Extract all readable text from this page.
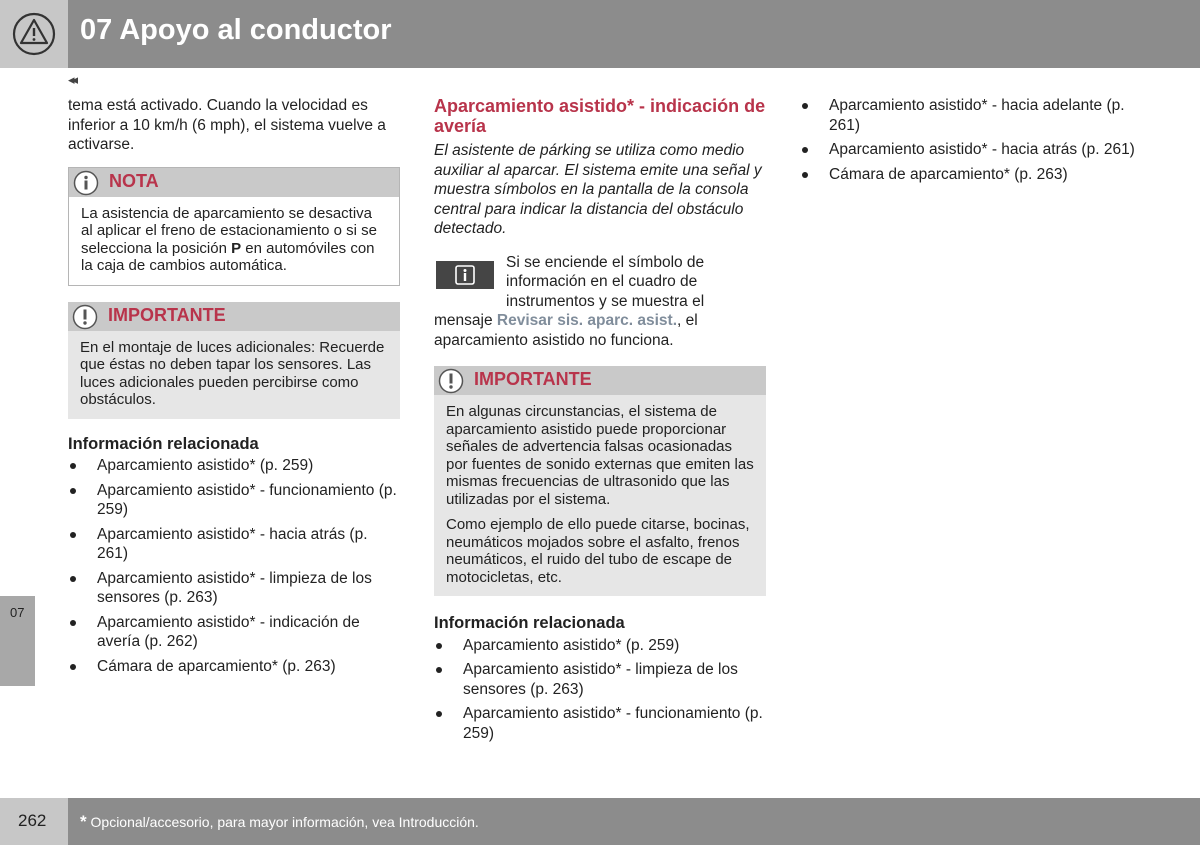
07 Apoyo al conductor
◂◂

tema está activado. Cuando la velocidad es inferior a 10 km/h (6 mph), el sistema vuelve a activarse.

NOTA
La asistencia de aparcamiento se desactiva al aplicar el freno de estacionamiento o si se selecciona la posición P en automóviles con la caja de cambios automática.
IMPORTANTE
En el montaje de luces adicionales: Recuerde que éstas no deben tapar los sensores. Las luces adicionales pueden percibirse como obstáculos.
Información relacionada
Aparcamiento asistido* (p. 259)
Aparcamiento asistido* - funcionamiento (p. 259)
Aparcamiento asistido* - hacia atrás (p. 261)
Aparcamiento asistido* - limpieza de los sensores (p. 263)
Aparcamiento asistido* - indicación de avería (p. 262)
Cámara de aparcamiento* (p. 263)
Aparcamiento asistido* - indicación de avería

El asistente de párking se utiliza como medio auxiliar al aparcar. El sistema emite una señal y muestra símbolos en la pantalla de la consola central para indicar la distancia del obstáculo detectado.

Si se enciende el símbolo de información en el cuadro de instrumentos y se muestra el mensaje Revisar sis. aparc. asist., el aparcamiento asistido no funciona.
IMPORTANTE

En algunas circunstancias, el sistema de aparcamiento asistido puede proporcionar señales de advertencia falsas ocasionadas por fuentes de sonido externas que emiten las mismas frecuencias de ultrasonido que las utilizadas por el sistema.

Como ejemplo de ello puede citarse, bocinas, neumáticos mojados sobre el asfalto, frenos neumáticos, el ruido del tubo de escape de motocicletas, etc.

Información relacionada
Aparcamiento asistido* (p. 259)
Aparcamiento asistido* - limpieza de los sensores (p. 263)
Aparcamiento asistido* - funcionamiento (p. 259)
Aparcamiento asistido* - hacia adelante (p. 261)
Aparcamiento asistido* - hacia atrás (p. 261)
Cámara de aparcamiento* (p. 263)
07
262 * Opcional/accesorio, para mayor información, vea Introducción.
